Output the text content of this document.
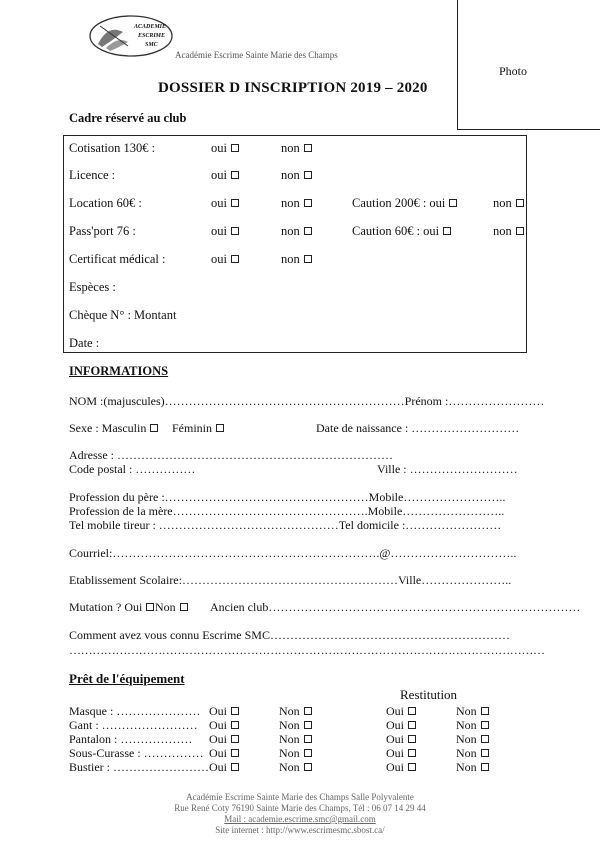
ACADEMIE
ESCRIME
SMC
Académie Escrime Sainte Marie des Champs
Photo
DOSSIER D INSCRIPTION 2019 – 2020
Cadre réservé au club
Cotisation 130€ :	oui	non
Licence :	oui	non
Location 60€ :	oui	non	Caution 200€ : oui	non
Pass'port 76 :	oui	non	Caution 60€ : oui	non
Certificat médical :	oui	non
Espèces :
Chèque N° : Montant
Date :
INFORMATIONS
NOM :(majuscules)……………………………………………………Prénom :……………………
Sexe : Masculin	Féminin	Date de naissance : ………………………
Adresse : ……………………………………………………………
Code postal : ……………	Ville : ………………………
Profession du père :……………………………………………Mobile……………………..
Profession de la mère………………………………………….Mobile……………………..
Tel mobile tireur : ………………………………………Tel domicile :……………………
Courriel:………………………………………………………….@…………………………..
Etablissement Scolaire:………………………………………………Ville…………………..
Mutation ? Oui	Non	Ancien club……………………………………………………………………
Comment avez vous connu Escrime SMC……………………………………………………
……………………………………………………………………………………………………………
Prêt de l'équipement
Restitution
Masque : ………………… Oui	Non	Oui	Non
Gant : …………………… Oui	Non	Oui	Non
Pantalon : ……………… Oui	Non	Oui	Non
Sous-Curasse : …………… Oui	Non	Oui	Non
Bustier : …………………… Oui	Non	Oui	Non
Académie Escrime Sainte Marie des Champs Salle Polyvalente
Rue René Coty 76190 Sainte Marie des Champs, Tél : 06 07 14 29 44
Mail : academie.escrime.smc@gmail.com
Site internet : http://www.escrimesmc.sbost.ca/
